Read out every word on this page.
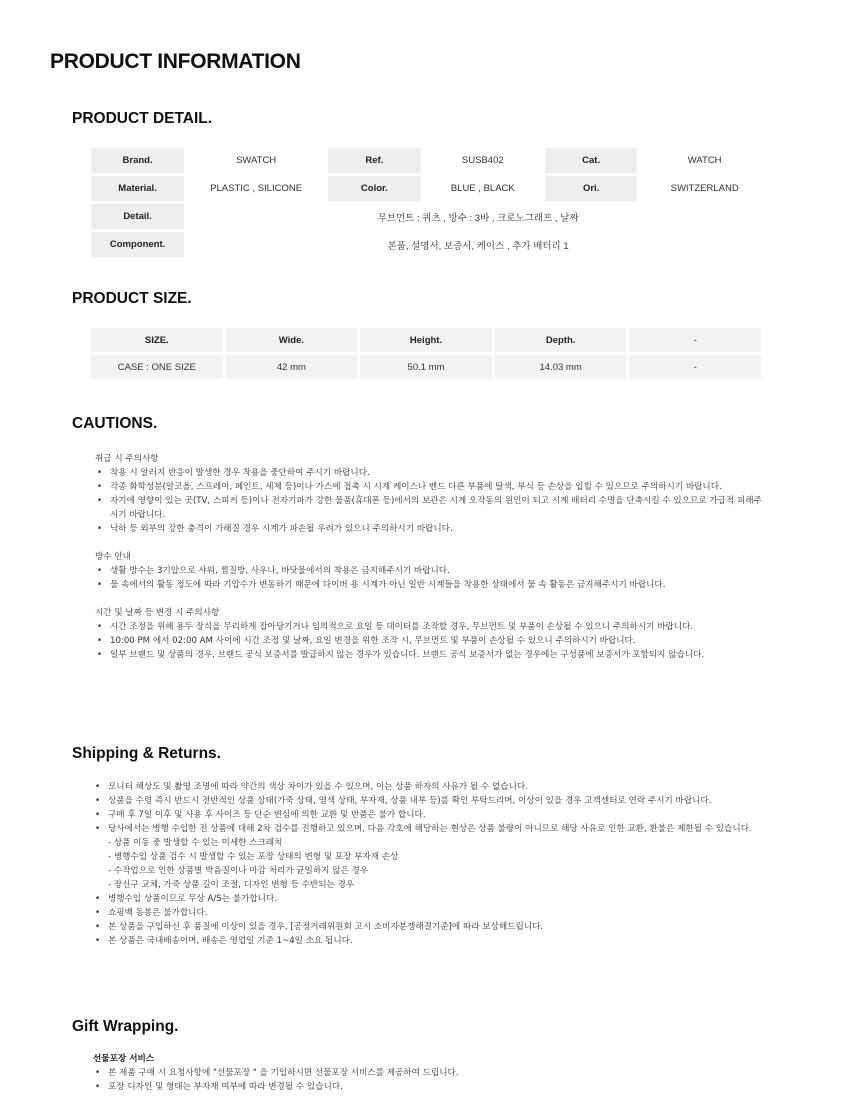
PRODUCT INFORMATION
PRODUCT DETAIL.
Brand.	SWATCH	Ref.	SUSB402	Cat.	WATCH
Material.	PLASTIC , SILICONE	Color.	BLUE , BLACK	Ori.	SWITZERLAND
Detail.	무브먼트 : 쿼츠 , 방수 : 3바 , 크로노그래프 , 날짜				
Component.	본품, 설명서, 보증서, 케이스 , 추가 배터리 1				
PRODUCT SIZE.
SIZE.	Wide.	Height.	Depth.	-
CASE : ONE SIZE	42 mm	50.1 mm	14.03 mm	-
CAUTIONS.

취급 시 주의사항

• 착용 시 알러지 반응이 발생한 경우 착용을 중단하여 주시기 바랍니다.
• 각종 화학성분(알코올, 스프레이, 페인트, 세제 등)이나 가스에 접촉 시 시계 케이스나 밴드 다른 부품에 탈색, 부식 등 손상을 입힐 수 있으므로 주의하시기 바랍니다.
• 자기에 영향이 있는 곳(TV, 스피커 등)이나 전자기파가 강한 물품(휴대폰 등)에서의 보관은 시계 오작동의 원인이 되고 시계 배터리 수명을 단축시킬 수 있으므로 가급적 피해주시기 바랍니다.
• 낙하 등 외부의 강한 충격이 가해질 경우 시계가 파손될 우려가 있으니 주의하시기 바랍니다.

방수 안내

• 생활 방수는 3기압으로 샤워, 찜질방, 사우나, 바닷물에서의 착용은 금지해주시기 바랍니다.
• 물 속에서의 활동 정도에 따라 기압수가 변동하기 때문에 다이버 용 시계가 아닌 일반 시계들을 착용한 상태에서 물 속 활동은 금지해주시기 바랍니다.

시간 및 날짜 등 변경 시 주의사항

• 시간 조정을 위해 용두 장식을 무리하게 잡아당기거나 임의적으로 요일 등 데이터를 조작할 경우, 무브먼트 및 부품이 손상될 수 있으니 주의하시기 바랍니다.
• 10:00 PM 에서 02:00 AM 사이에 시간 조정 및 날짜, 요일 변경을 위한 조작 시, 무브먼트 및 부품이 손상될 수 있으니 주의하시기 바랍니다.
• 일부 브랜드 및 상품의 경우, 브랜드 공식 보증서를 발급하지 않는 경우가 있습니다. 브랜드 공식 보증서가 없는 경우에는 구성품에 보증서가 포함되지 않습니다.
Shipping & Returns.
• 모니터 해상도 및 촬영 조명에 따라 약간의 색상 차이가 있을 수 있으며, 이는 상품 하자의 사유가 될 수 없습니다.
• 상품을 수령 즉시 반드시 전반적인 상품 상태(가죽 상태, 염색 상태, 부자재, 상품 내부 등)를 확인 부탁드리며, 이상이 있을 경우 고객센터로 연락 주시기 바랍니다.
• 구매 후 7일 이후 및 사용 후 사이즈 등 단순 변심에 의한 교환 및 반품은 불가 합니다.
• 당사에서는 병행 수입한 전 상품에 대해 2차 검수를 진행하고 있으며, 다음 각호에 해당하는 현상은 상품 불량이 아니므로 해당 사유로 인한 교환, 환불은 제한될 수 있습니다.
- 상품 이동 중 발생할 수 있는 미세한 스크래치
- 병행수입 상품 검수 시 발생할 수 있는 포장 상태의 변형 및 포장 부자재 손상
- 수작업으로 인한 상품별 박음질이나 마감 처리가 균일하지 않은 경우
- 장신구 교체, 가죽 상품 길이 조절, 디자인 변형 등 수반되는 경우
• 병행수입 상품이므로 무상 A/S는 불가합니다.
• 쇼핑백 동봉은 불가합니다.
• 본 상품을 구입하신 후 품질에 이상이 있을 경우, [공정거래위원회 고시 소비자분쟁해결기준]에 따라 보상해드립니다.
• 본 상품은 국내배송이며, 배송은 영업일 기준 1~4일 소요 됩니다.
Gift Wrapping.

선물포장 서비스

• 본 제품 구매 시 요청사항에 "선물포장 " 을 기입하시면 선물포장 서비스를 제공하여 드립니다.
• 포장 디자인 및 형태는 부자재 여부에 따라 변경될 수 있습니다.
